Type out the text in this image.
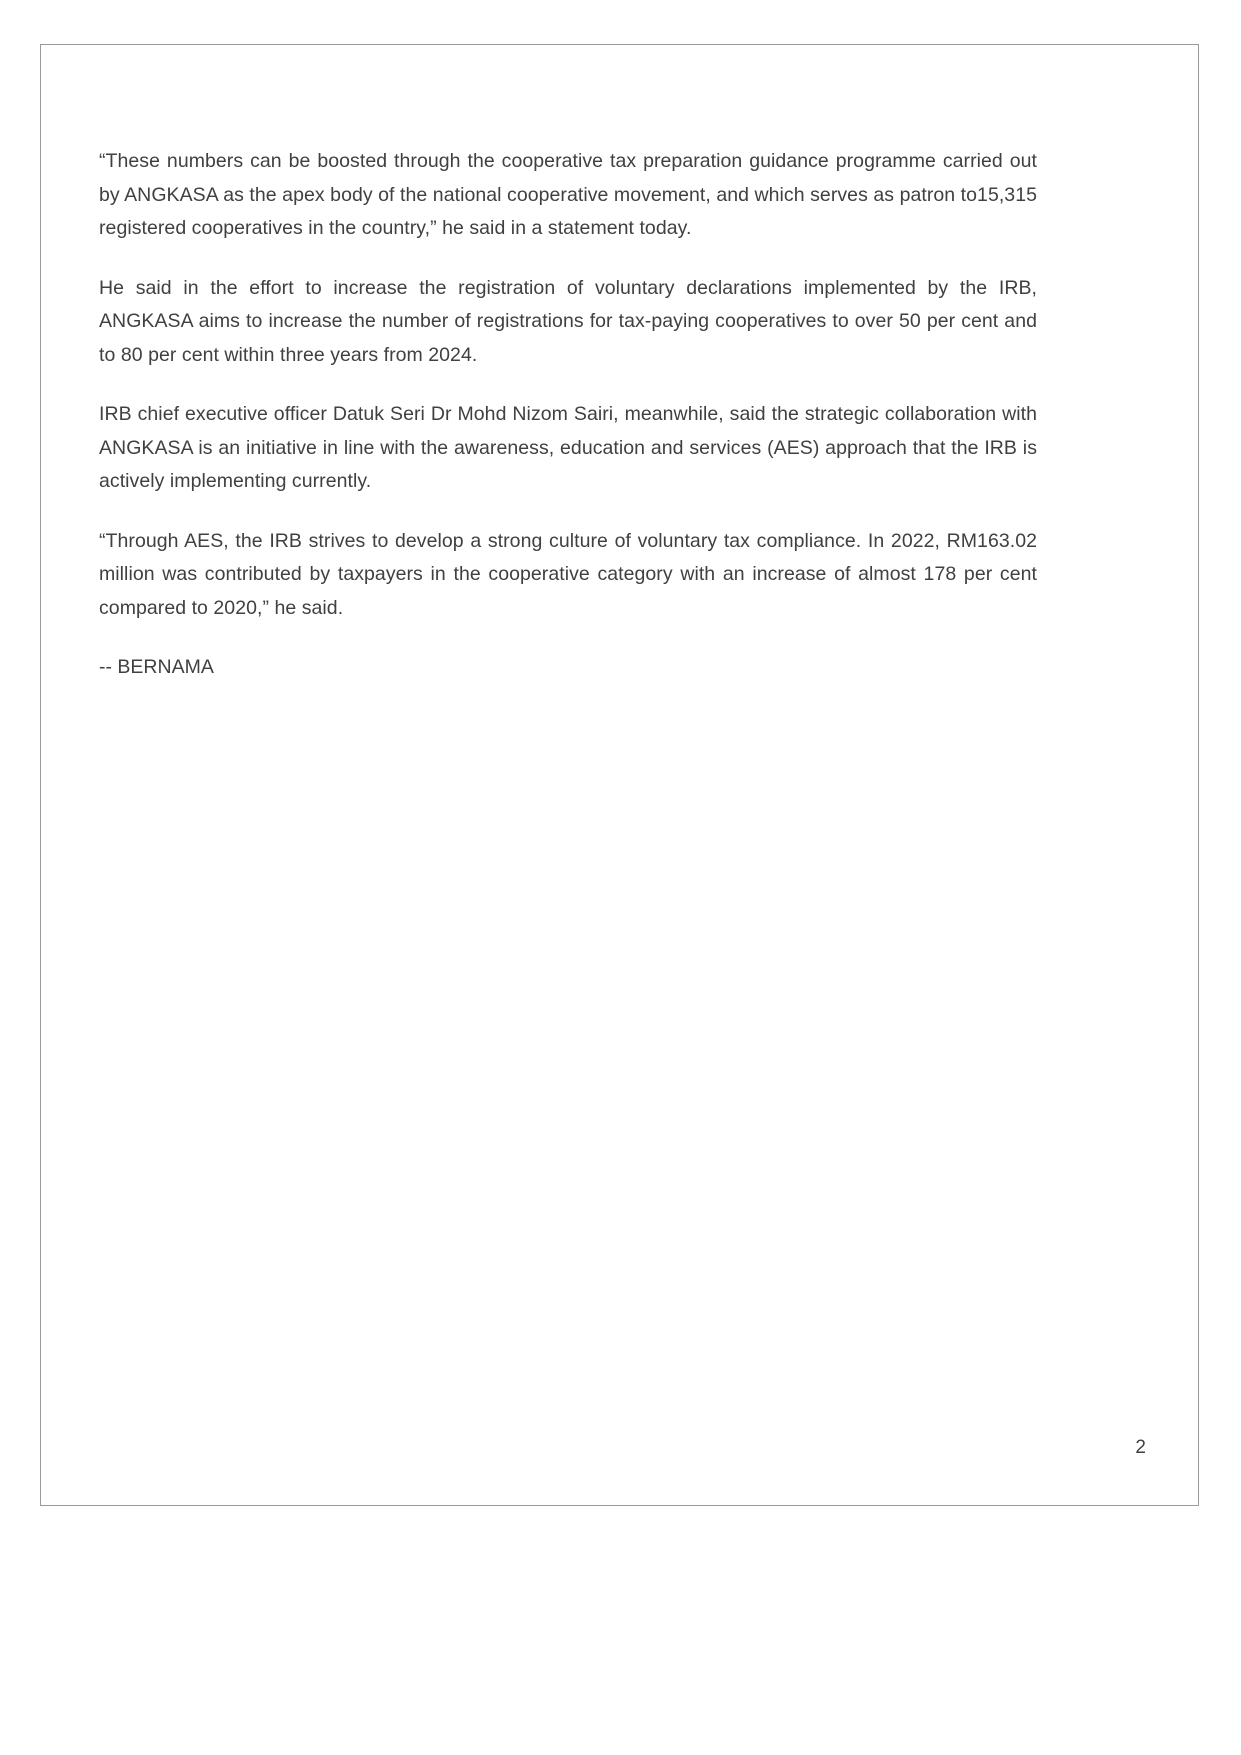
“These numbers can be boosted through the cooperative tax preparation guidance programme carried out by ANGKASA as the apex body of the national cooperative movement, and which serves as patron to15,315 registered cooperatives in the country,” he said in a statement today.

He said in the effort to increase the registration of voluntary declarations implemented by the IRB, ANGKASA aims to increase the number of registrations for tax-paying cooperatives to over 50 per cent and to 80 per cent within three years from 2024.

IRB chief executive officer Datuk Seri Dr Mohd Nizom Sairi, meanwhile, said the strategic collaboration with ANGKASA is an initiative in line with the awareness, education and services (AES) approach that the IRB is actively implementing currently.

“Through AES, the IRB strives to develop a strong culture of voluntary tax compliance. In 2022, RM163.02 million was contributed by taxpayers in the cooperative category with an increase of almost 178 per cent compared to 2020,” he said.

-- BERNAMA

2
